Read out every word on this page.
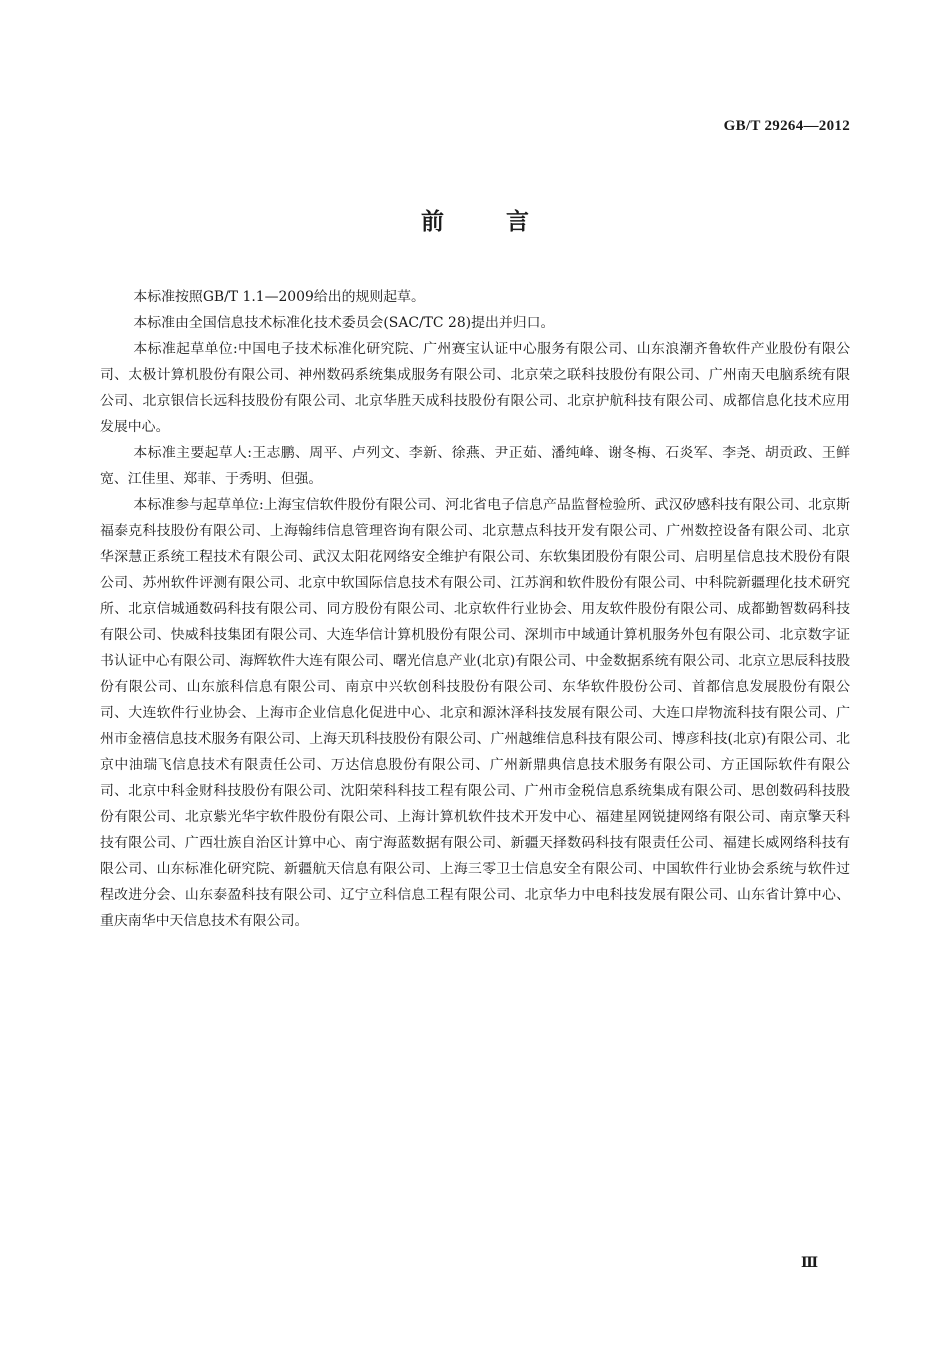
GB/T 29264—2012
前言

本标准按照GB/T 1.1—2009给出的规则起草。

本标准由全国信息技术标准化技术委员会(SAC/TC 28)提出并归口。

本标准起草单位:中国电子技术标准化研究院、广州赛宝认证中心服务有限公司、山东浪潮齐鲁软件产业股份有限公司、太极计算机股份有限公司、神州数码系统集成服务有限公司、北京荣之联科技股份有限公司、广州南天电脑系统有限公司、北京银信长远科技股份有限公司、北京华胜天成科技股份有限公司、北京护航科技有限公司、成都信息化技术应用发展中心。

本标准主要起草人:王志鹏、周平、卢列文、李新、徐燕、尹正茹、潘纯峰、谢冬梅、石炎军、李尧、胡贡政、王鲜宽、江佳里、郑菲、于秀明、但强。

本标准参与起草单位:上海宝信软件股份有限公司、河北省电子信息产品监督检验所、武汉矽感科技有限公司、北京斯福泰克科技股份有限公司、上海翰纬信息管理咨询有限公司、北京慧点科技开发有限公司、广州数控设备有限公司、北京华深慧正系统工程技术有限公司、武汉太阳花网络安全维护有限公司、东软集团股份有限公司、启明星信息技术股份有限公司、苏州软件评测有限公司、北京中软国际信息技术有限公司、江苏润和软件股份有限公司、中科院新疆理化技术研究所、北京信城通数码科技有限公司、同方股份有限公司、北京软件行业协会、用友软件股份有限公司、成都勤智数码科技有限公司、快威科技集团有限公司、大连华信计算机股份有限公司、深圳市中域通计算机服务外包有限公司、北京数字证书认证中心有限公司、海辉软件大连有限公司、曙光信息产业(北京)有限公司、中金数据系统有限公司、北京立思辰科技股份有限公司、山东旅科信息有限公司、南京中兴软创科技股份有限公司、东华软件股份公司、首都信息发展股份有限公司、大连软件行业协会、上海市企业信息化促进中心、北京和源沐泽科技发展有限公司、大连口岸物流科技有限公司、广州市金禧信息技术服务有限公司、上海天玑科技股份有限公司、广州越维信息科技有限公司、博彦科技(北京)有限公司、北京中油瑞飞信息技术有限责任公司、万达信息股份有限公司、广州新鼎典信息技术服务有限公司、方正国际软件有限公司、北京中科金财科技股份有限公司、沈阳荣科科技工程有限公司、广州市金税信息系统集成有限公司、思创数码科技股份有限公司、北京紫光华宇软件股份有限公司、上海计算机软件技术开发中心、福建星网锐捷网络有限公司、南京擎天科技有限公司、广西壮族自治区计算中心、南宁海蓝数据有限公司、新疆天择数码科技有限责任公司、福建长威网络科技有限公司、山东标准化研究院、新疆航天信息有限公司、上海三零卫士信息安全有限公司、中国软件行业协会系统与软件过程改进分会、山东泰盈科技有限公司、辽宁立科信息工程有限公司、北京华力中电科技发展有限公司、山东省计算中心、重庆南华中天信息技术有限公司。

Ⅲ
